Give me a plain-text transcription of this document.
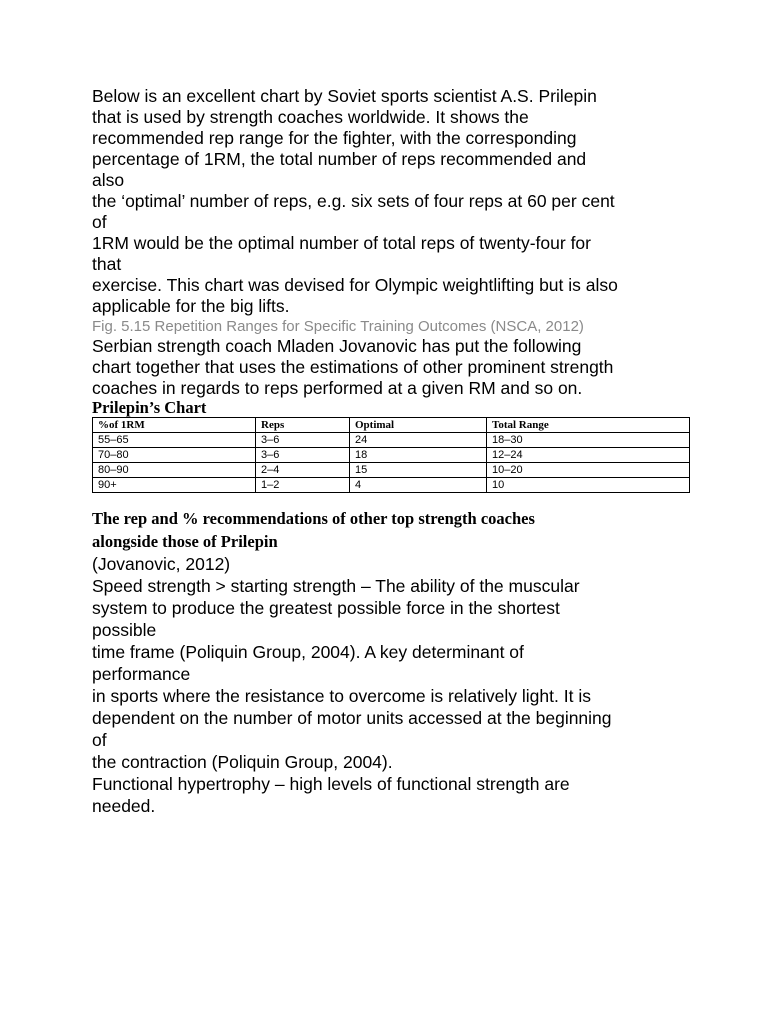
Below is an excellent chart by Soviet sports scientist A.S. Prilepin
that is used by strength coaches worldwide. It shows the
recommended rep range for the fighter, with the corresponding
percentage of 1RM, the total number of reps recommended and
also
the ‘optimal’ number of reps, e.g. six sets of four reps at 60 per cent
of
1RM would be the optimal number of total reps of twenty-four for
that
exercise. This chart was devised for Olympic weightlifting but is also
applicable for the big lifts.

Fig. 5.15 Repetition Ranges for Specific Training Outcomes (NSCA, 2012)

Serbian strength coach Mladen Jovanovic has put the following
chart together that uses the estimations of other prominent strength
coaches in regards to reps performed at a given RM and so on.

Prilepin’s Chart

%of 1RM	Reps	Optimal	Total Range
55–65	3–6	24	18–30
70–80	3–6	18	12–24
80–90	2–4	15	10–20
90+	1–2	4	10

The rep and % recommendations of other top strength coaches
alongside those of Prilepin

(Jovanovic, 2012)
Speed strength > starting strength – The ability of the muscular
system to produce the greatest possible force in the shortest
possible
time frame (Poliquin Group, 2004). A key determinant of
performance
in sports where the resistance to overcome is relatively light. It is
dependent on the number of motor units accessed at the beginning
of
the contraction (Poliquin Group, 2004).
Functional hypertrophy – high levels of functional strength are
needed.
